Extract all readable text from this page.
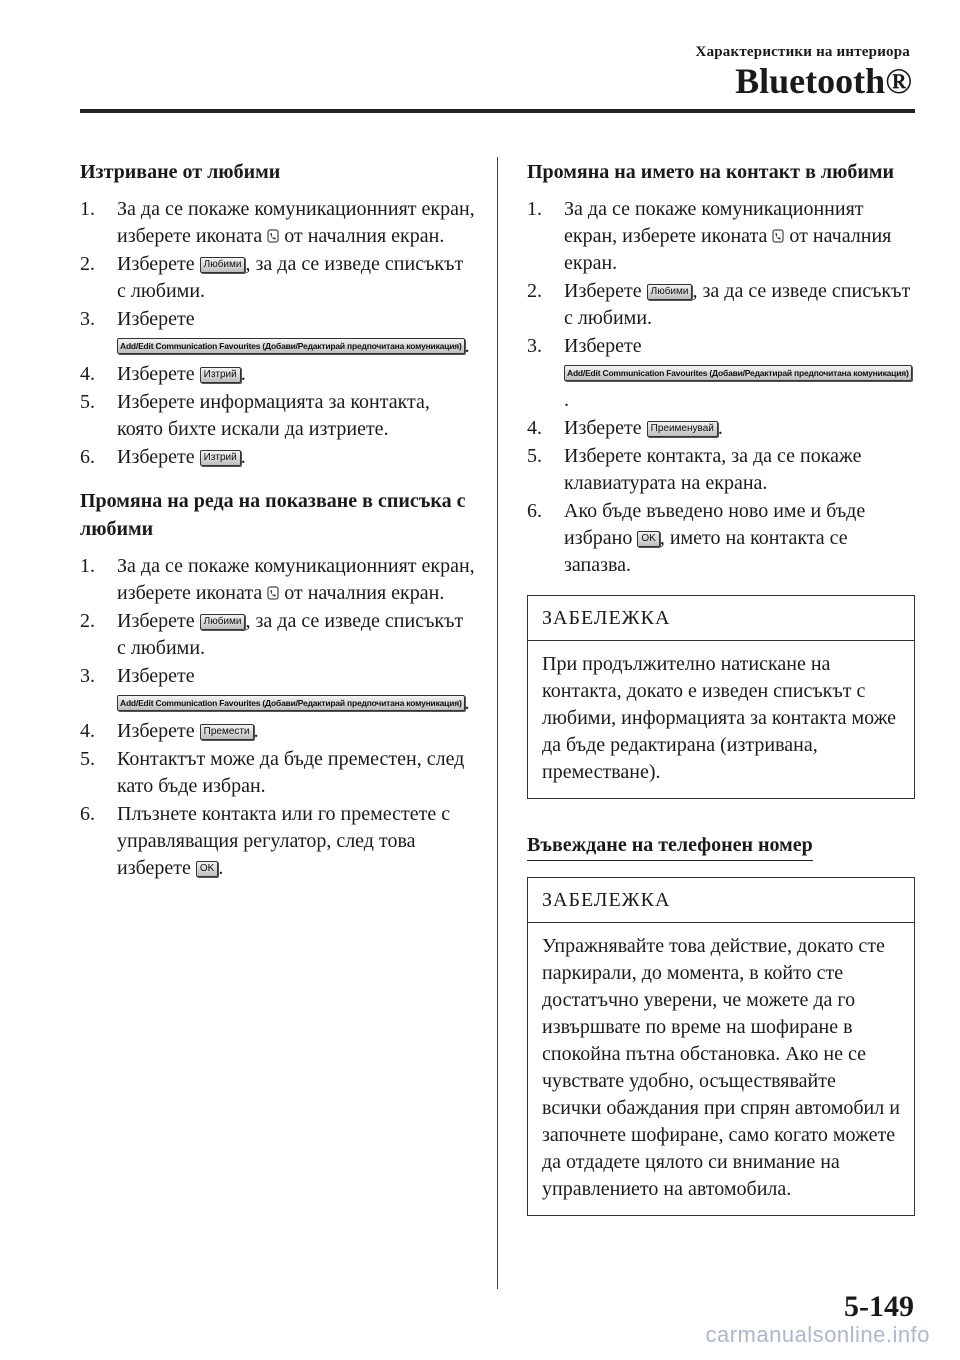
Характеристики на интериора
Bluetooth®
Изтриване от любими
1. За да се покаже комуникационният екран, изберете иконата от началния екран.
2. Изберете Любими , за да се изведе списъкът с любими.
3. Изберете
Add/Edit Communication Favourites (Добави/Редактирай предпочитана комуникация) .
4. Изберете Изтрий .
5. Изберете информацията за контакта, която бихте искали да изтриете.
6. Изберете Изтрий .
Промяна на реда на показване в списъка с любими
1. За да се покаже комуникационният екран, изберете иконата от началния екран.
2. Изберете Любими , за да се изведе списъкът с любими.
3. Изберете
Add/Edit Communication Favourites (Добави/Редактирай предпочитана комуникация) .
4. Изберете Премести .
5. Контактът може да бъде преместен, след като бъде избран.
6. Плъзнете контакта или го преместете с управляващия регулатор, след това изберете OK .
Промяна на името на контакт в любими
1. За да се покаже комуникационният екран, изберете иконата от началния екран.
2. Изберете Любими , за да се изведе списъкът с любими.
3. Изберете
Add/Edit Communication Favourites (Добави/Редактирай предпочитана комуникация).
4. Изберете Преименувай .
5. Изберете контакта, за да се покаже клавиатурата на екрана.
6. Ако бъде въведено ново име и бъде избрано OK , името на контакта се запазва.
ЗАБЕЛЕЖКА
При продължително натискане на контакта, докато е изведен списъкът с любими, информацията за контакта може да бъде редактирана (изтривана, преместване).
Въвеждане на телефонен номер
ЗАБЕЛЕЖКА
Упражнявайте това действие, докато сте паркирали, до момента, в който сте достатъчно уверени, че можете да го извършвате по време на шофиране в спокойна пътна обстановка. Ако не се чувствате удобно, осъществявайте всички обаждания при спрян автомобил и започнете шофиране, само когато можете да отдадете цялото си внимание на управлението на автомобила.
5-149
carmanualsonline.info
